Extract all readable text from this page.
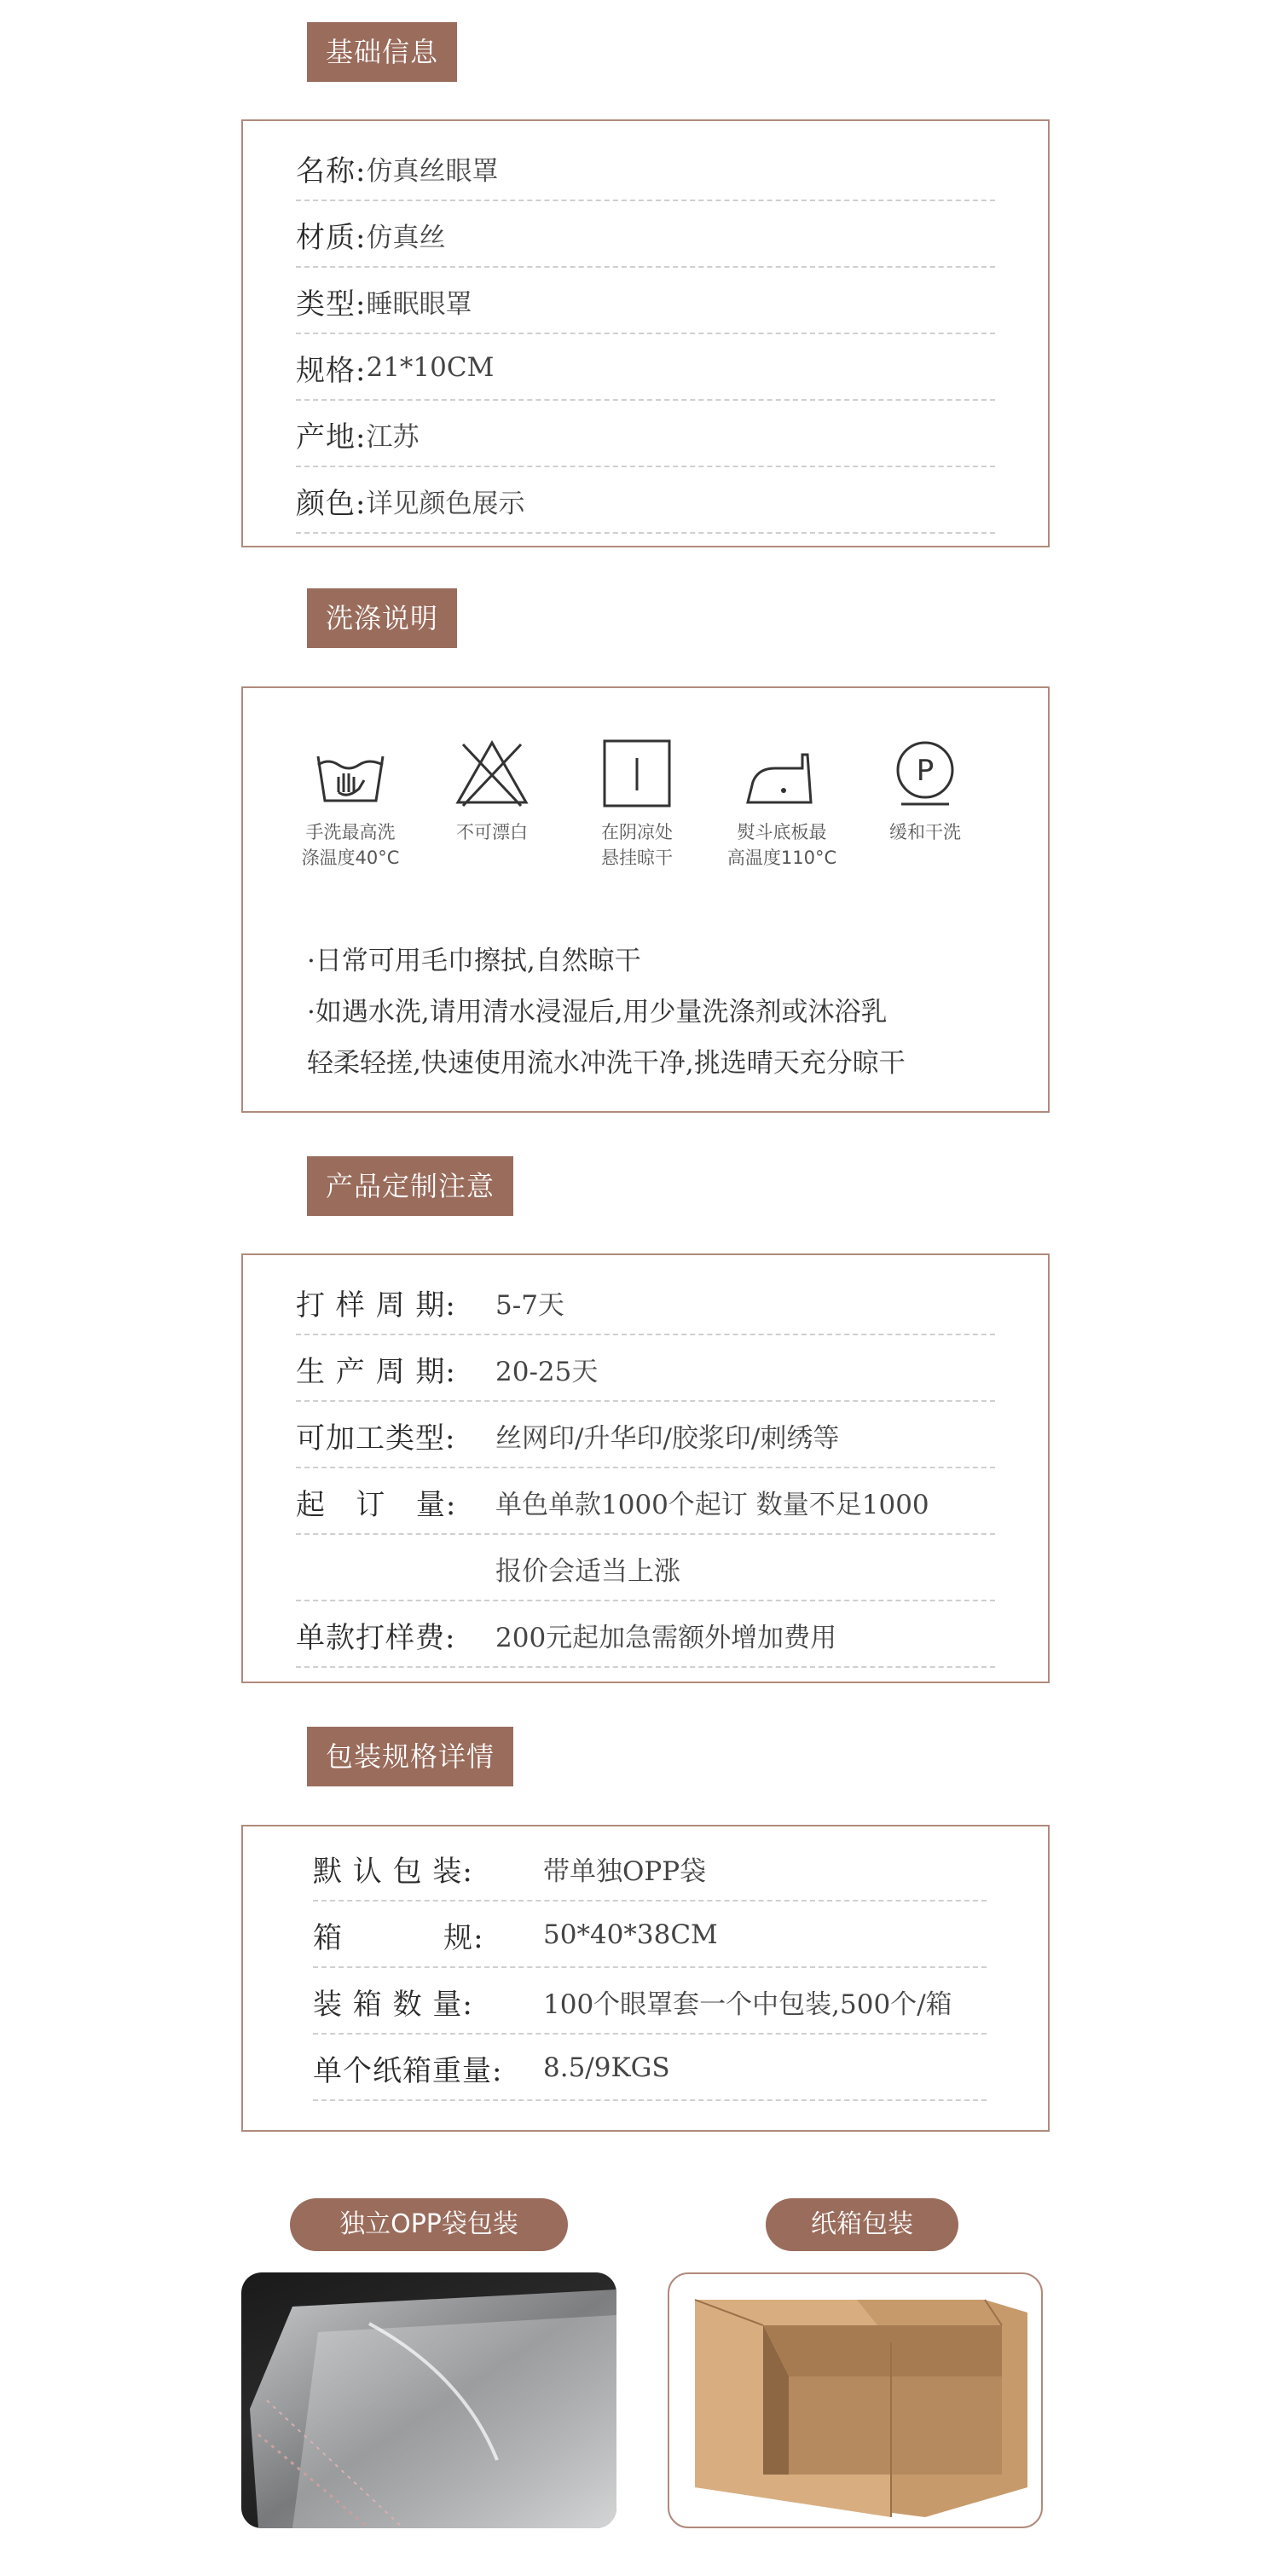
基础信息
名称: 仿真丝眼罩
材质: 仿真丝
类型: 睡眠眼罩
规格: 21*10CM
产地: 江苏
颜色: 详见颜色展示
洗涤说明
手洗最高洗
涤温度40°C
不可漂白	在阴凉处
悬挂晾干
熨斗底板最
高温度110°C
P
缓和干洗
·日常可用毛巾擦拭,自然晾干
·如遇水洗,请用清水浸湿后,用少量洗涤剂或沐浴乳
轻柔轻搓,快速使用流水冲洗干净,挑选晴天充分晾干
产品定制注意
打 样 周 期:	5-7天
生 产 周 期:	20-25天
可加工类型:	丝网印/升华印/胶浆印/刺绣等
起   订   量:	单色单款1000个起订 数量不足1000
报价会适当上涨
单款打样费:	200元起加急需额外增加费用
包装规格详情
默 认 包 装:	带单独OPP袋
箱          规:	50*40*38CM
装 箱 数 量:	100个眼罩套一个中包装,500个/箱
单个纸箱重量:	8.5/9KGS
独立OPP袋包装	纸箱包装
